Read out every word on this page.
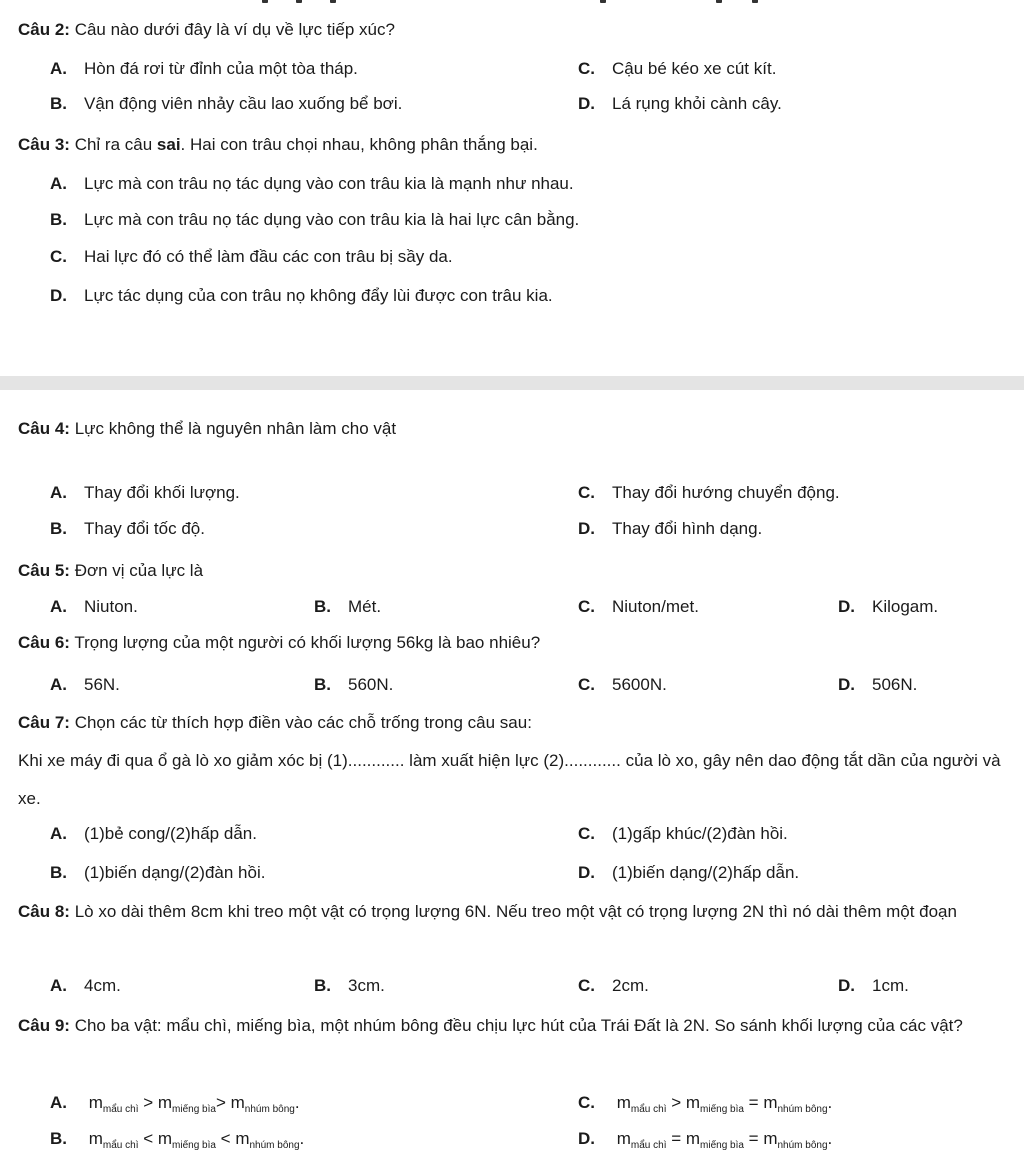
Câu 2: Câu nào dưới đây là ví dụ về lực tiếp xúc?
A. Hòn đá rơi từ đỉnh của một tòa tháp.
B. Vận động viên nhảy cầu lao xuống bể bơi.
C. Cậu bé kéo xe cút kít.
D. Lá rụng khỏi cành cây.
Câu 3: Chỉ ra câu sai. Hai con trâu chọi nhau, không phân thắng bại.
A. Lực mà con trâu nọ tác dụng vào con trâu kia là mạnh như nhau.
B. Lực mà con trâu nọ tác dụng vào con trâu kia là hai lực cân bằng.
C. Hai lực đó có thể làm đầu các con trâu bị sầy da.
D. Lực tác dụng của con trâu nọ không đẩy lùi được con trâu kia.
Câu 4: Lực không thể là nguyên nhân làm cho vật
A. Thay đổi khối lượng.
B. Thay đổi tốc độ.
C. Thay đổi hướng chuyển động.
D. Thay đổi hình dạng.
Câu 5: Đơn vị của lực là
A. Niuton.	B. Mét.	C. Niuton/met.	D. Kilogam.
Câu 6: Trọng lượng của một người có khối lượng 56kg là bao nhiêu?
A. 56N.	B. 560N.	C. 5600N.	D. 506N.
Câu 7: Chọn các từ thích hợp điền vào các chỗ trống trong câu sau:
Khi xe máy đi qua ổ gà lò xo giảm xóc bị (1)............ làm xuất hiện lực (2)............ của lò xo, gây nên dao động tắt dần của người và xe.
A. (1)bẻ cong/(2)hấp dẫn.
B. (1)biến dạng/(2)đàn hồi.
C. (1)gấp khúc/(2)đàn hồi.
D. (1)biến dạng/(2)hấp dẫn.
Câu 8: Lò xo dài thêm 8cm khi treo một vật có trọng lượng 6N. Nếu treo một vật có trọng lượng 2N thì nó dài thêm một đoạn
A. 4cm.	B. 3cm.	C. 2cm.	D. 1cm.
Câu 9: Cho ba vật: mẩu chì, miếng bìa, một nhúm bông đều chịu lực hút của Trái Đất là 2N. So sánh khối lượng của các vật?
A. $m_{mẩu chì} > m_{miếng bìa}> m_{nhúm bông}$.
B. $m_{mẩu chì} < m_{miếng bìa} < m_{nhúm bông}$.
C. $m_{mẩu chì} > m_{miếng bìa} = m_{nhúm bông}$.
D. $m_{mẩu chì} = m_{miếng bìa} = m_{nhúm bông}$.
